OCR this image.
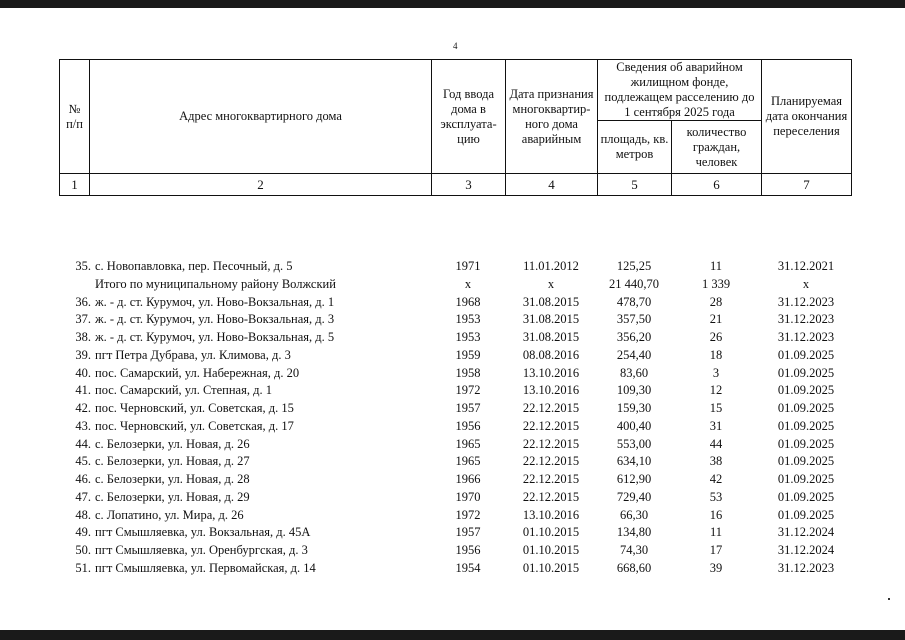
4
№ п/п	Адрес многоквартирного дома	Год ввода дома в эксплуата-цию	Дата признания многоквартир-ного дома аварийным	Сведения об аварийном жилищном фонде, подлежащем расселению до 1 сентября 2025 года		Планируемая дата окончания переселения
				площадь, кв. метров	количество граждан, человек	
1	2	3	4	5	6	7
35. с. Новопавловка, пер. Песочный, д. 5	1971	11.01.2012	125,25	11	31.12.2021
Итого по муниципальному району Волжский	х	х	21 440,70	1 339	х
36. ж. - д. ст. Курумоч, ул. Ново-Вокзальная, д. 1	1968	31.08.2015	478,70	28	31.12.2023
37. ж. - д. ст. Курумоч, ул. Ново-Вокзальная, д. 3	1953	31.08.2015	357,50	21	31.12.2023
38. ж. - д. ст. Курумоч, ул. Ново-Вокзальная, д. 5	1953	31.08.2015	356,20	26	31.12.2023
39. пгт Петра Дубрава, ул. Климова, д. 3	1959	08.08.2016	254,40	18	01.09.2025
40. пос. Самарский, ул. Набережная, д. 20	1958	13.10.2016	83,60	3	01.09.2025
41. пос. Самарский, ул. Степная, д. 1	1972	13.10.2016	109,30	12	01.09.2025
42. пос. Черновский, ул. Советская, д. 15	1957	22.12.2015	159,30	15	01.09.2025
43. пос. Черновский, ул. Советская, д. 17	1956	22.12.2015	400,40	31	01.09.2025
44. с. Белозерки, ул. Новая, д. 26	1965	22.12.2015	553,00	44	01.09.2025
45. с. Белозерки, ул. Новая, д. 27	1965	22.12.2015	634,10	38	01.09.2025
46. с. Белозерки, ул. Новая, д. 28	1966	22.12.2015	612,90	42	01.09.2025
47. с. Белозерки, ул. Новая, д. 29	1970	22.12.2015	729,40	53	01.09.2025
48. с. Лопатино, ул. Мира, д. 26	1972	13.10.2016	66,30	16	01.09.2025
49. пгт Смышляевка, ул. Вокзальная, д. 45А	1957	01.10.2015	134,80	11	31.12.2024
50. пгт Смышляевка, ул. Оренбургская, д. 3	1956	01.10.2015	74,30	17	31.12.2024
51. пгт Смышляевка, ул. Первомайская, д. 14	1954	01.10.2015	668,60	39	31.12.2023
